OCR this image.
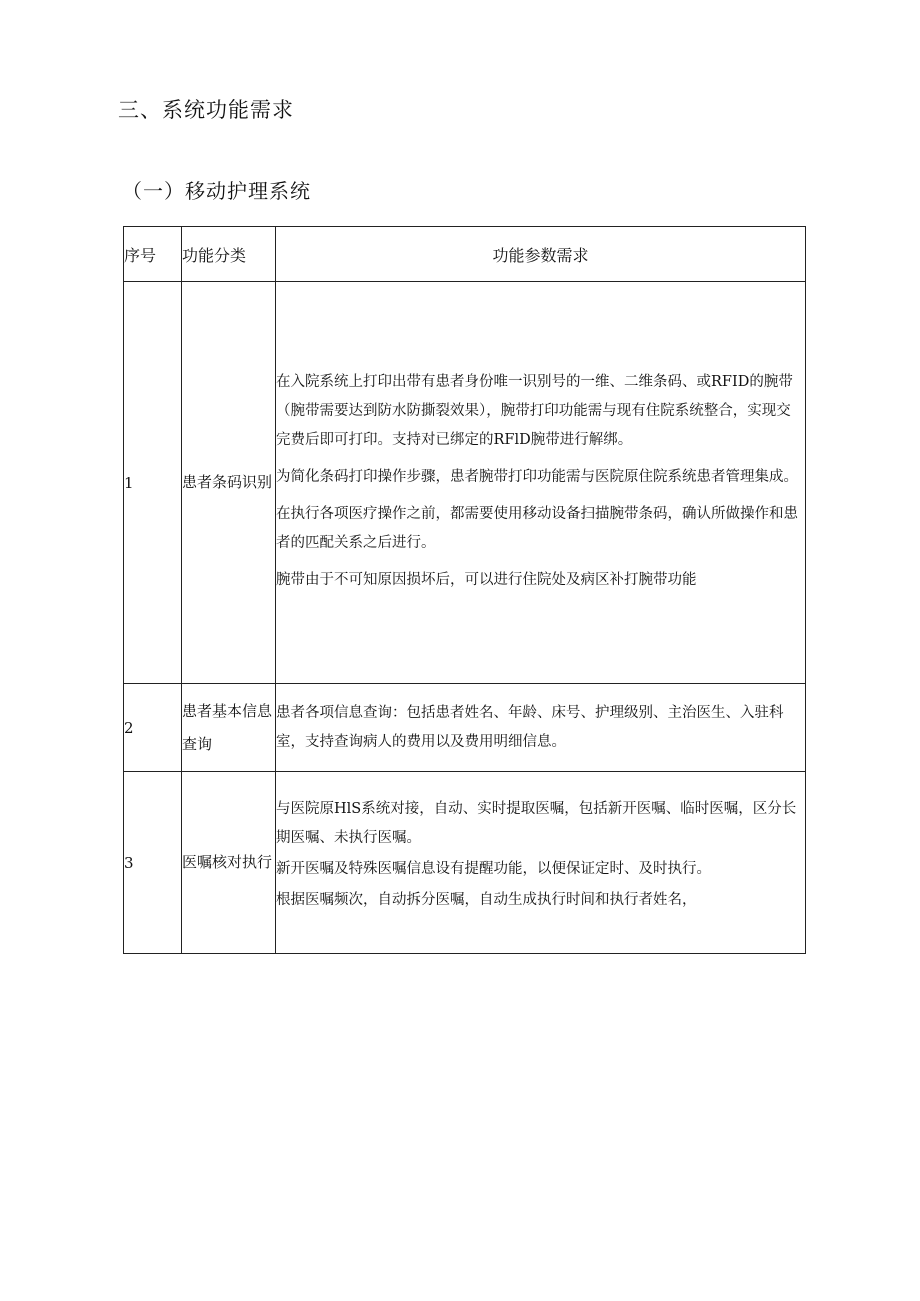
三、系统功能需求
（一）移动护理系统
序号	功能分类	功能参数需求
1	患者条码识别	在入院系统上打印出带有患者身份唯一识别号的一维、二维条码、或RFID的腕带（腕带需要达到防水防撕裂效果），腕带打印功能需与现有住院系统整合，实现交完费后即可打印。支持对已绑定的RFlD腕带进行解绑。

为简化条码打印操作步骤，患者腕带打印功能需与医院原住院系统患者管理集成。

在执行各项医疗操作之前，都需要使用移动设备扫描腕带条码，确认所做操作和患者的匹配关系之后进行。

腕带由于不可知原因损坏后，可以进行住院处及病区补打腕带功能

2	患者基本信息查询	患者各项信息查询：包括患者姓名、年龄、床号、护理级别、主治医生、入驻科室，支持查询病人的费用以及费用明细信息。

3	医嘱核对执行	与医院原HlS系统对接，自动、实时提取医嘱，包括新开医嘱、临时医嘱，区分长期医嘱、未执行医嘱。

新开医嘱及特殊医嘱信息设有提醒功能，以便保证定时、及时执行。

根据医嘱频次，自动拆分医嘱，自动生成执行时间和执行者姓名，
